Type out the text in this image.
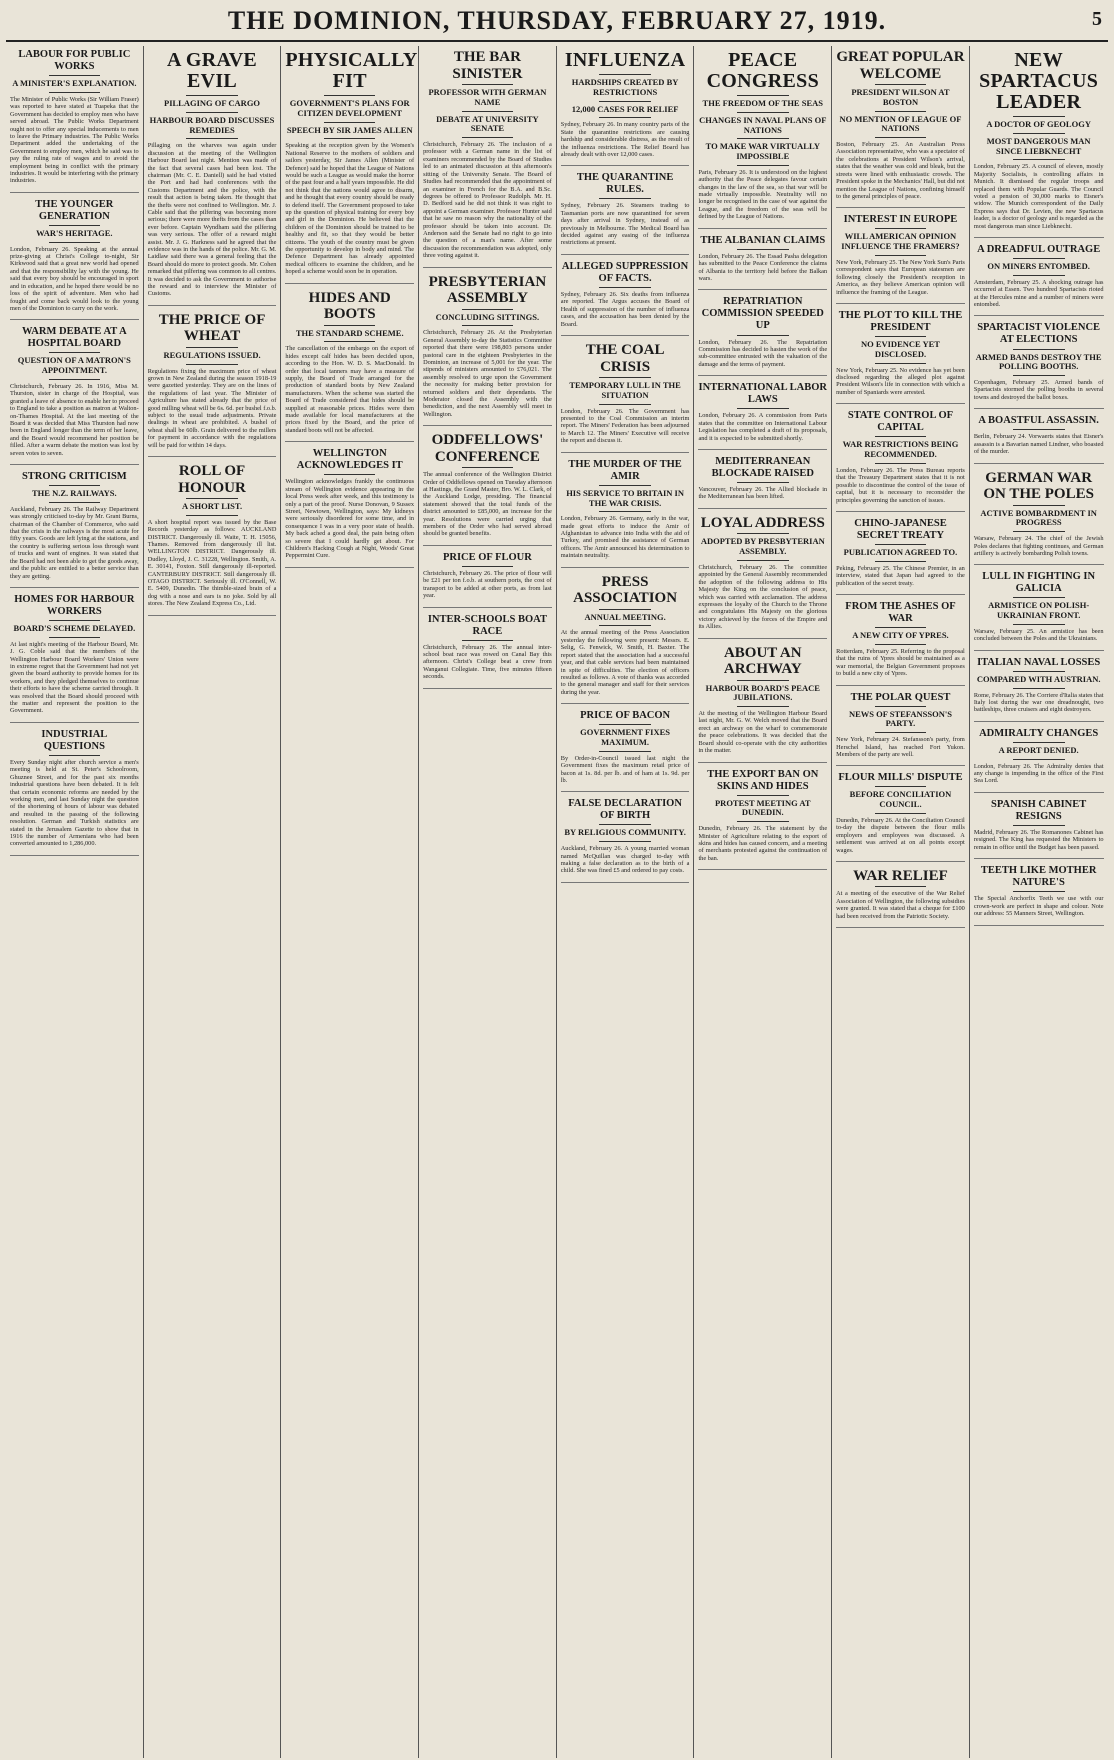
THE DOMINION, THURSDAY, FEBRUARY 27, 1919.	5
LABOUR FOR PUBLIC WORKS
A MINISTER'S EXPLANATION.

The Minister of Public Works (Sir William Fraser) was reported to have stated at Tuapeka that the Government has decided to employ men who have served abroad. The Public Works Department ought not to offer any special inducements to men to leave the Primary industries. The Public Works Department added the undertaking of the Government to employ men, which he said was to pay the ruling rate of wages and to avoid the employment being in conflict with the primary industries. It would be interfering with the primary industries.

THE YOUNGER GENERATION
WAR'S HERITAGE.

London, February 26. Speaking at the annual prize-giving at Christ's College to-night, Sir Kirkwood said that a great new world had opened and that the responsibility lay with the young. He said that every boy should be encouraged in sport and in education, and he hoped there would be no loss of the spirit of adventure. Men who had fought and come back would look to the young men of the Dominion to carry on the work.

WARM DEBATE AT A HOSPITAL BOARD
QUESTION OF A MATRON'S APPOINTMENT.

Christchurch, February 26. In 1916, Miss M. Thurston, sister in charge of the Hospital, was granted a leave of absence to enable her to proceed to England to take a position as matron at Walton-on-Thames Hospital. At the last meeting of the Board it was decided that Miss Thurston had now been in England longer than the term of her leave, and the Board would recommend her position be filled. After a warm debate the motion was lost by seven votes to seven.

STRONG CRITICISM
THE N.Z. RAILWAYS.

Auckland, February 26. The Railway Department was strongly criticised to-day by Mr. Grant Burns, chairman of the Chamber of Commerce, who said that the crisis in the railways is the most acute for fifty years. Goods are left lying at the stations, and the country is suffering serious loss through want of trucks and want of engines. It was stated that the Board had not been able to get the goods away, and the public are entitled to a better service than they are getting.

HOMES FOR HARBOUR WORKERS
BOARD'S SCHEME DELAYED.

At last night's meeting of the Harbour Board, Mr. J. G. Coble said that the members of the Wellington Harbour Board Workers' Union were in extreme regret that the Government had not yet given the board authority to provide homes for its workers, and they pledged themselves to continue their efforts to have the scheme carried through. It was resolved that the Board should proceed with the matter and represent the position to the Government.

INDUSTRIAL QUESTIONS

Every Sunday night after church service a men's meeting is held at St. Peter's Schoolroom, Ghuznee Street, and for the past six months industrial questions have been debated. It is felt that certain economic reforms are needed by the working men, and last Sunday night the question of the shortening of hours of labour was debated and resulted in the passing of the following resolution. German and Turkish statistics are stated in the Jerusalem Gazette to show that in 1916 the number of Armenians who had been converted amounted to 1,286,000.

A GRAVE EVIL
PILLAGING OF CARGO
HARBOUR BOARD DISCUSSES REMEDIES

Pillaging on the wharves was again under discussion at the meeting of the Wellington Harbour Board last night. Mention was made of the fact that several cases had been lost. The chairman (Mr. C. E. Daniell) said he had visited the Port and had had conferences with the Customs Department and the police, with the result that action is being taken. He thought that the thefts were not confined to Wellington. Mr. J. Cable said that the pilfering was becoming more serious; there were more thefts from the cases than ever before. Captain Wyndham said the pilfering was very serious. The offer of a reward might assist. Mr. J. G. Harkness said he agreed that the evidence was in the hands of the police. Mr. G. M. Laidlaw said there was a general feeling that the Board should do more to protect goods. Mr. Cohen remarked that pilfering was common to all centres. It was decided to ask the Government to authorise the reward and to interview the Minister of Customs.

THE PRICE OF WHEAT
REGULATIONS ISSUED.

Regulations fixing the maximum price of wheat grown in New Zealand during the season 1918-19 were gazetted yesterday. They are on the lines of the regulations of last year. The Minister of Agriculture has stated already that the price of good milling wheat will be 6s. 6d. per bushel f.o.b. subject to the usual trade adjustments. Private dealings in wheat are prohibited. A bushel of wheat shall be 60lb. Grain delivered to the millers for payment in accordance with the regulations will be paid for within 14 days.

ROLL OF HONOUR
A SHORT LIST.

A short hospital report was issued by the Base Records yesterday as follows: AUCKLAND DISTRICT. Dangerously ill. Waite, T. H. 15056, Thames. Removed from dangerously ill list. WELLINGTON DISTRICT. Dangerously ill. Dudley, Lloyd, J. C. 31228, Wellington. Smith, A. E. 30141, Foxton. Still dangerously ill-reported. CANTERBURY DISTRICT. Still dangerously ill. OTAGO DISTRICT. Seriously ill. O'Connell, W. E. 5409, Dunedin. The thimble-sized brain of a dog with a nose and ears is no joke. Sold by all stores. The New Zealand Express Co., Ltd.

PHYSICALLY FIT
GOVERNMENT'S PLANS FOR CITIZEN DEVELOPMENT
SPEECH BY SIR JAMES ALLEN

Speaking at the reception given by the Women's National Reserve to the mothers of soldiers and sailors yesterday, Sir James Allen (Minister of Defence) said he hoped that the League of Nations would be such a League as would make the horror of the past four and a half years impossible. He did not think that the nations would agree to disarm, and he thought that every country should be ready to defend itself. The Government proposed to take up the question of physical training for every boy and girl in the Dominion. He believed that the children of the Dominion should be trained to be healthy and fit, so that they would be better citizens. The youth of the country must be given the opportunity to develop in body and mind. The Defence Department has already appointed medical officers to examine the children, and he hoped a scheme would soon be in operation.

HIDES AND BOOTS
THE STANDARD SCHEME.

The cancellation of the embargo on the export of hides except calf hides has been decided upon, according to the Hon. W. D. S. MacDonald. In order that local tanners may have a measure of supply, the Board of Trade arranged for the production of standard boots by New Zealand manufacturers. When the scheme was started the Board of Trade considered that hides should be supplied at reasonable prices. Hides were then made available for local manufacturers at the prices fixed by the Board, and the price of standard boots will not be affected.

WELLINGTON ACKNOWLEDGES IT

Wellington acknowledges frankly the continuous stream of Wellington evidence appearing in the local Press week after week, and this testimony is only a part of the proof. Nurse Donovan, 9 Sussex Street, Newtown, Wellington, says: My kidneys were seriously disordered for some time, and in consequence I was in a very poor state of health. My back ached a good deal, the pain being often so severe that I could hardly get about. For Children's Hacking Cough at Night, Woods' Great Peppermint Cure.

THE BAR SINISTER
PROFESSOR WITH GERMAN NAME
DEBATE AT UNIVERSITY SENATE

Christchurch, February 26. The inclusion of a professor with a German name in the list of examiners recommended by the Board of Studies led to an animated discussion at this afternoon's sitting of the University Senate. The Board of Studies had recommended that the appointment of an examiner in French for the B.A. and B.Sc. degrees be offered to Professor Rudolph. Mr. H. D. Bedford said he did not think it was right to appoint a German examiner. Professor Hunter said that he saw no reason why the nationality of the professor should be taken into account. Dr. Anderson said the Senate had no right to go into the question of a man's name. After some discussion the recommendation was adopted, only three voting against it.

PRESBYTERIAN ASSEMBLY
CONCLUDING SITTINGS.

Christchurch, February 26. At the Presbyterian General Assembly to-day the Statistics Committee reported that there were 198,803 persons under pastoral care in the eighteen Presbyteries in the Dominion, an increase of 5,001 for the year. The stipends of ministers amounted to £76,021. The assembly resolved to urge upon the Government the necessity for making better provision for returned soldiers and their dependants. The Moderator closed the Assembly with the benediction, and the next Assembly will meet in Wellington.

ODDFELLOWS' CONFERENCE

The annual conference of the Wellington District Order of Oddfellows opened on Tuesday afternoon at Hastings, the Grand Master, Bro. W. L. Clark, of the Auckland Lodge, presiding. The financial statement showed that the total funds of the district amounted to £85,000, an increase for the year. Resolutions were carried urging that members of the Order who had served abroad should be granted benefits.

PRICE OF FLOUR

Christchurch, February 26. The price of flour will be £21 per ton f.o.b. at southern ports, the cost of transport to be added at other ports, as from last year.

INTER-SCHOOLS BOAT RACE

Christchurch, February 26. The annual inter-school boat race was rowed on Canal Bay this afternoon. Christ's College beat a crew from Wanganui Collegiate. Time, five minutes fifteen seconds.

INFLUENZA
HARDSHIPS CREATED BY RESTRICTIONS
12,000 CASES FOR RELIEF

Sydney, February 26. In many country parts of the State the quarantine restrictions are causing hardship and considerable distress, as the result of the influenza restrictions. The Relief Board has already dealt with over 12,000 cases.

THE QUARANTINE RULES.

Sydney, February 26. Steamers trading to Tasmanian ports are now quarantined for seven days after arrival in Sydney, instead of as previously in Melbourne. The Medical Board has decided against any easing of the influenza restrictions at present.

ALLEGED SUPPRESSION OF FACTS.

Sydney, February 26. Six deaths from influenza are reported. The Argus accuses the Board of Health of suppression of the number of influenza cases, and the accusation has been denied by the Board.

THE COAL CRISIS
TEMPORARY LULL IN THE SITUATION

London, February 26. The Government has presented to the Coal Commission an interim report. The Miners' Federation has been adjourned to March 12. The Miners' Executive will receive the report and discuss it.

THE MURDER OF THE AMIR
HIS SERVICE TO BRITAIN IN THE WAR CRISIS.

London, February 26. Germany, early in the war, made great efforts to induce the Amir of Afghanistan to advance into India with the aid of Turkey, and promised the assistance of German officers. The Amir announced his determination to maintain neutrality.

PRESS ASSOCIATION
ANNUAL MEETING.

At the annual meeting of the Press Association yesterday the following were present: Messrs. E. Selig, G. Fenwick, W. Smith, H. Baxter. The report stated that the association had a successful year, and that cable services had been maintained in spite of difficulties. The election of officers resulted as follows. A vote of thanks was accorded to the general manager and staff for their services during the year.

PRICE OF BACON
GOVERNMENT FIXES MAXIMUM.

By Order-in-Council issued last night the Government fixes the maximum retail price of bacon at 1s. 8d. per lb. and of ham at 1s. 9d. per lb.

FALSE DECLARATION OF BIRTH
BY RELIGIOUS COMMUNITY.

Auckland, February 26. A young married woman named McQuillan was charged to-day with making a false declaration as to the birth of a child. She was fined £5 and ordered to pay costs.

PEACE CONGRESS
THE FREEDOM OF THE SEAS
CHANGES IN NAVAL PLANS OF NATIONS
TO MAKE WAR VIRTUALLY IMPOSSIBLE

Paris, February 26. It is understood on the highest authority that the Peace delegates favour certain changes in the law of the sea, so that war will be made virtually impossible. Neutrality will no longer be recognised in the case of war against the League, and the freedom of the seas will be defined by the League of Nations.

THE ALBANIAN CLAIMS

London, February 26. The Essad Pasha delegation has submitted to the Peace Conference the claims of Albania to the territory held before the Balkan wars.

REPATRIATION COMMISSION SPEEDED UP

London, February 26. The Repatriation Commission has decided to hasten the work of the sub-committee entrusted with the valuation of the damage and the terms of payment.

INTERNATIONAL LABOR LAWS

London, February 26. A commission from Paris states that the committee on International Labour Legislation has completed a draft of its proposals, and it is expected to be submitted shortly.

MEDITERRANEAN BLOCKADE RAISED

Vancouver, February 26. The Allied blockade in the Mediterranean has been lifted.

LOYAL ADDRESS
ADOPTED BY PRESBYTERIAN ASSEMBLY.

Christchurch, February 26. The committee appointed by the General Assembly recommended the adoption of the following address to His Majesty the King on the conclusion of peace, which was carried with acclamation. The address expresses the loyalty of the Church to the Throne and congratulates His Majesty on the glorious victory achieved by the forces of the Empire and its Allies.

ABOUT AN ARCHWAY
HARBOUR BOARD'S PEACE JUBILATIONS.

At the meeting of the Wellington Harbour Board last night, Mr. G. W. Welch moved that the Board erect an archway on the wharf to commemorate the peace celebrations. It was decided that the Board should co-operate with the city authorities in the matter.

THE EXPORT BAN ON SKINS AND HIDES
PROTEST MEETING AT DUNEDIN.

Dunedin, February 26. The statement by the Minister of Agriculture relating to the export of skins and hides has caused concern, and a meeting of merchants protested against the continuation of the ban.

GREAT POPULAR WELCOME
PRESIDENT WILSON AT BOSTON
NO MENTION OF LEAGUE OF NATIONS

Boston, February 25. An Australian Press Association representative, who was a spectator of the celebrations at President Wilson's arrival, states that the weather was cold and bleak, but the streets were lined with enthusiastic crowds. The President spoke in the Mechanics' Hall, but did not mention the League of Nations, confining himself to the general principles of peace.

INTEREST IN EUROPE
WILL AMERICAN OPINION INFLUENCE THE FRAMERS?

New York, February 25. The New York Sun's Paris correspondent says that European statesmen are following closely the President's reception in America, as they believe American opinion will influence the framing of the League.

THE PLOT TO KILL THE PRESIDENT
NO EVIDENCE YET DISCLOSED.

New York, February 25. No evidence has yet been disclosed regarding the alleged plot against President Wilson's life in connection with which a number of Spaniards were arrested.

STATE CONTROL OF CAPITAL
WAR RESTRICTIONS BEING RECOMMENDED.

London, February 26. The Press Bureau reports that the Treasury Department states that it is not possible to discontinue the control of the issue of capital, but it is necessary to reconsider the principles governing the sanction of issues.

CHINO-JAPANESE SECRET TREATY
PUBLICATION AGREED TO.

Peking, February 25. The Chinese Premier, in an interview, stated that Japan had agreed to the publication of the secret treaty.

FROM THE ASHES OF WAR
A NEW CITY OF YPRES.

Rotterdam, February 25. Referring to the proposal that the ruins of Ypres should be maintained as a war memorial, the Belgian Government proposes to build a new city of Ypres.

THE POLAR QUEST
NEWS OF STEFANSSON'S PARTY.

New York, February 24. Stefansson's party, from Herschel Island, has reached Fort Yukon. Members of the party are well.

FLOUR MILLS' DISPUTE
BEFORE CONCILIATION COUNCIL.

Dunedin, February 26. At the Conciliation Council to-day the dispute between the flour mills employers and employees was discussed. A settlement was arrived at on all points except wages.

WAR RELIEF

At a meeting of the executive of the War Relief Association of Wellington, the following subsidies were granted. It was stated that a cheque for £100 had been received from the Patriotic Society.

NEW SPARTACUS LEADER
A DOCTOR OF GEOLOGY
MOST DANGEROUS MAN SINCE LIEBKNECHT

London, February 25. A council of eleven, mostly Majority Socialists, is controlling affairs in Munich. It dismissed the regular troops and replaced them with Popular Guards. The Council voted a pension of 30,000 marks to Eisner's widow. The Munich correspondent of the Daily Express says that Dr. Levien, the new Spartacus leader, is a doctor of geology and is regarded as the most dangerous man since Liebknecht.

A DREADFUL OUTRAGE
ON MINERS ENTOMBED.

Amsterdam, February 25. A shocking outrage has occurred at Essen. Two hundred Spartacists rioted at the Hercules mine and a number of miners were entombed.

SPARTACIST VIOLENCE AT ELECTIONS
ARMED BANDS DESTROY THE POLLING BOOTHS.

Copenhagen, February 25. Armed bands of Spartacists stormed the polling booths in several towns and destroyed the ballot boxes.

A BOASTFUL ASSASSIN.

Berlin, February 24. Vorwaerts states that Eisner's assassin is a Bavarian named Lindner, who boasted of the murder.

GERMAN WAR ON THE POLES
ACTIVE BOMBARDMENT IN PROGRESS

Warsaw, February 24. The chief of the Jewish Poles declares that fighting continues, and German artillery is actively bombarding Polish towns.

LULL IN FIGHTING IN GALICIA
ARMISTICE ON POLISH-UKRAINIAN FRONT.

Warsaw, February 25. An armistice has been concluded between the Poles and the Ukrainians.

ITALIAN NAVAL LOSSES
COMPARED WITH AUSTRIAN.

Rome, February 26. The Corriere d'Italia states that Italy lost during the war one dreadnought, two battleships, three cruisers and eight destroyers.

ADMIRALTY CHANGES
A REPORT DENIED.

London, February 26. The Admiralty denies that any change is impending in the office of the First Sea Lord.

SPANISH CABINET RESIGNS

Madrid, February 26. The Romanones Cabinet has resigned. The King has requested the Ministers to remain in office until the Budget has been passed.

TEETH LIKE MOTHER NATURE'S

The Special Anchorfix Teeth we use with our crown-work are perfect in shape and colour. Note our address: 55 Manners Street, Wellington.
